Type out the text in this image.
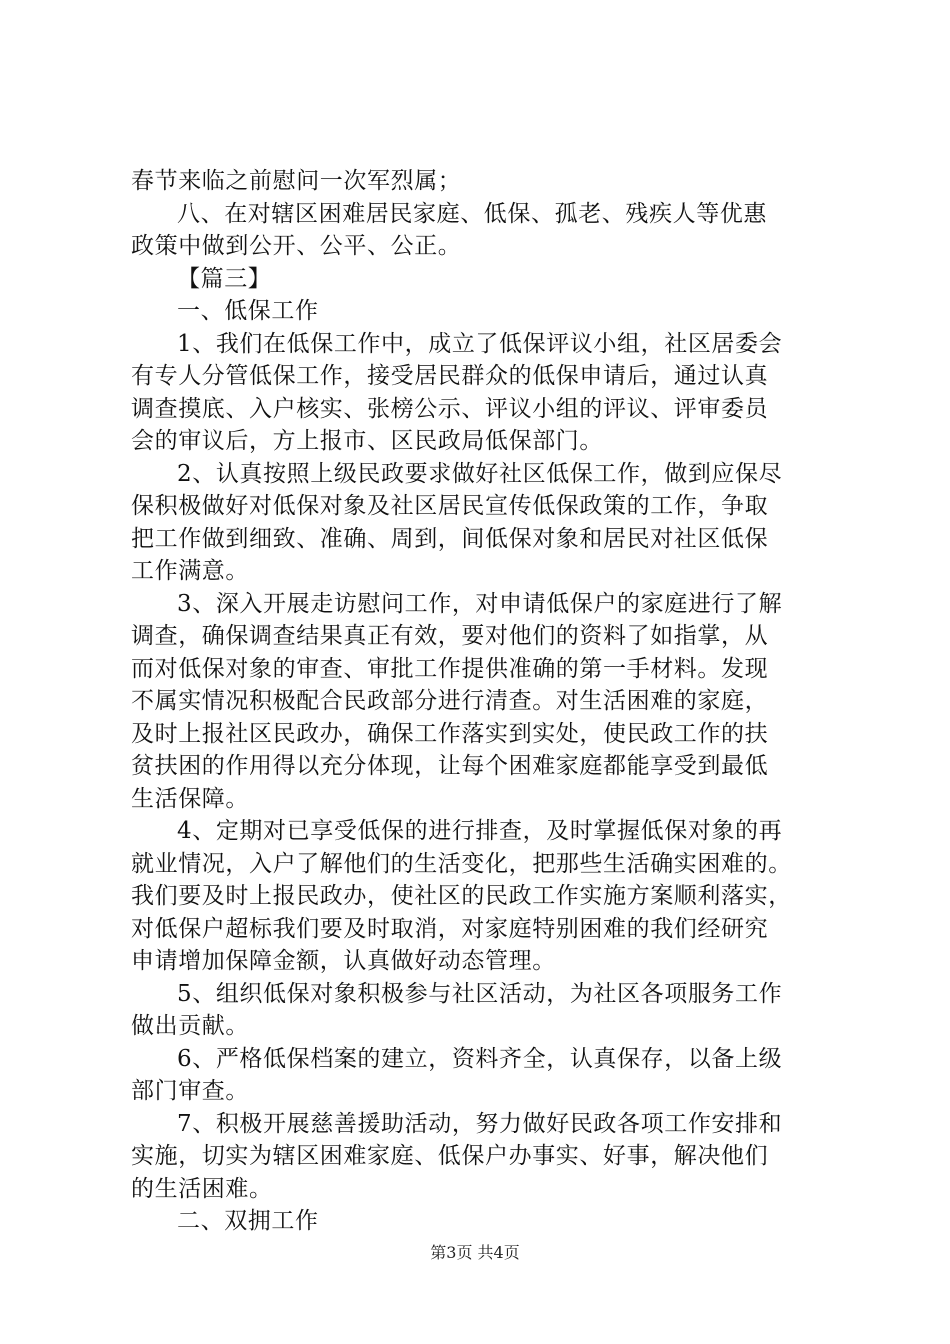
春节来临之前慰问一次军烈属；
八、在对辖区困难居民家庭、低保、孤老、残疾人等优惠
政策中做到公开、公平、公正。
【篇三】
一、低保工作
1、我们在低保工作中，成立了低保评议小组，社区居委会
有专人分管低保工作，接受居民群众的低保申请后，通过认真
调查摸底、入户核实、张榜公示、评议小组的评议、评审委员
会的审议后，方上报市、区民政局低保部门。
2、认真按照上级民政要求做好社区低保工作，做到应保尽
保积极做好对低保对象及社区居民宣传低保政策的工作，争取
把工作做到细致、准确、周到，间低保对象和居民对社区低保
工作满意。
3、深入开展走访慰问工作，对申请低保户的家庭进行了解
调查，确保调查结果真正有效，要对他们的资料了如指掌，从
而对低保对象的审查、审批工作提供准确的第一手材料。发现
不属实情况积极配合民政部分进行清查。对生活困难的家庭，
及时上报社区民政办，确保工作落实到实处，使民政工作的扶
贫扶困的作用得以充分体现，让每个困难家庭都能享受到最低
生活保障。
4、定期对已享受低保的进行排查，及时掌握低保对象的再
就业情况，入户了解他们的生活变化，把那些生活确实困难的。
我们要及时上报民政办，使社区的民政工作实施方案顺利落实，
对低保户超标我们要及时取消，对家庭特别困难的我们经研究
申请增加保障金额，认真做好动态管理。
5、组织低保对象积极参与社区活动，为社区各项服务工作
做出贡献。
6、严格低保档案的建立，资料齐全，认真保存，以备上级
部门审查。
7、积极开展慈善援助活动，努力做好民政各项工作安排和
实施，切实为辖区困难家庭、低保户办事实、好事，解决他们
的生活困难。
二、双拥工作
第3页 共4页
